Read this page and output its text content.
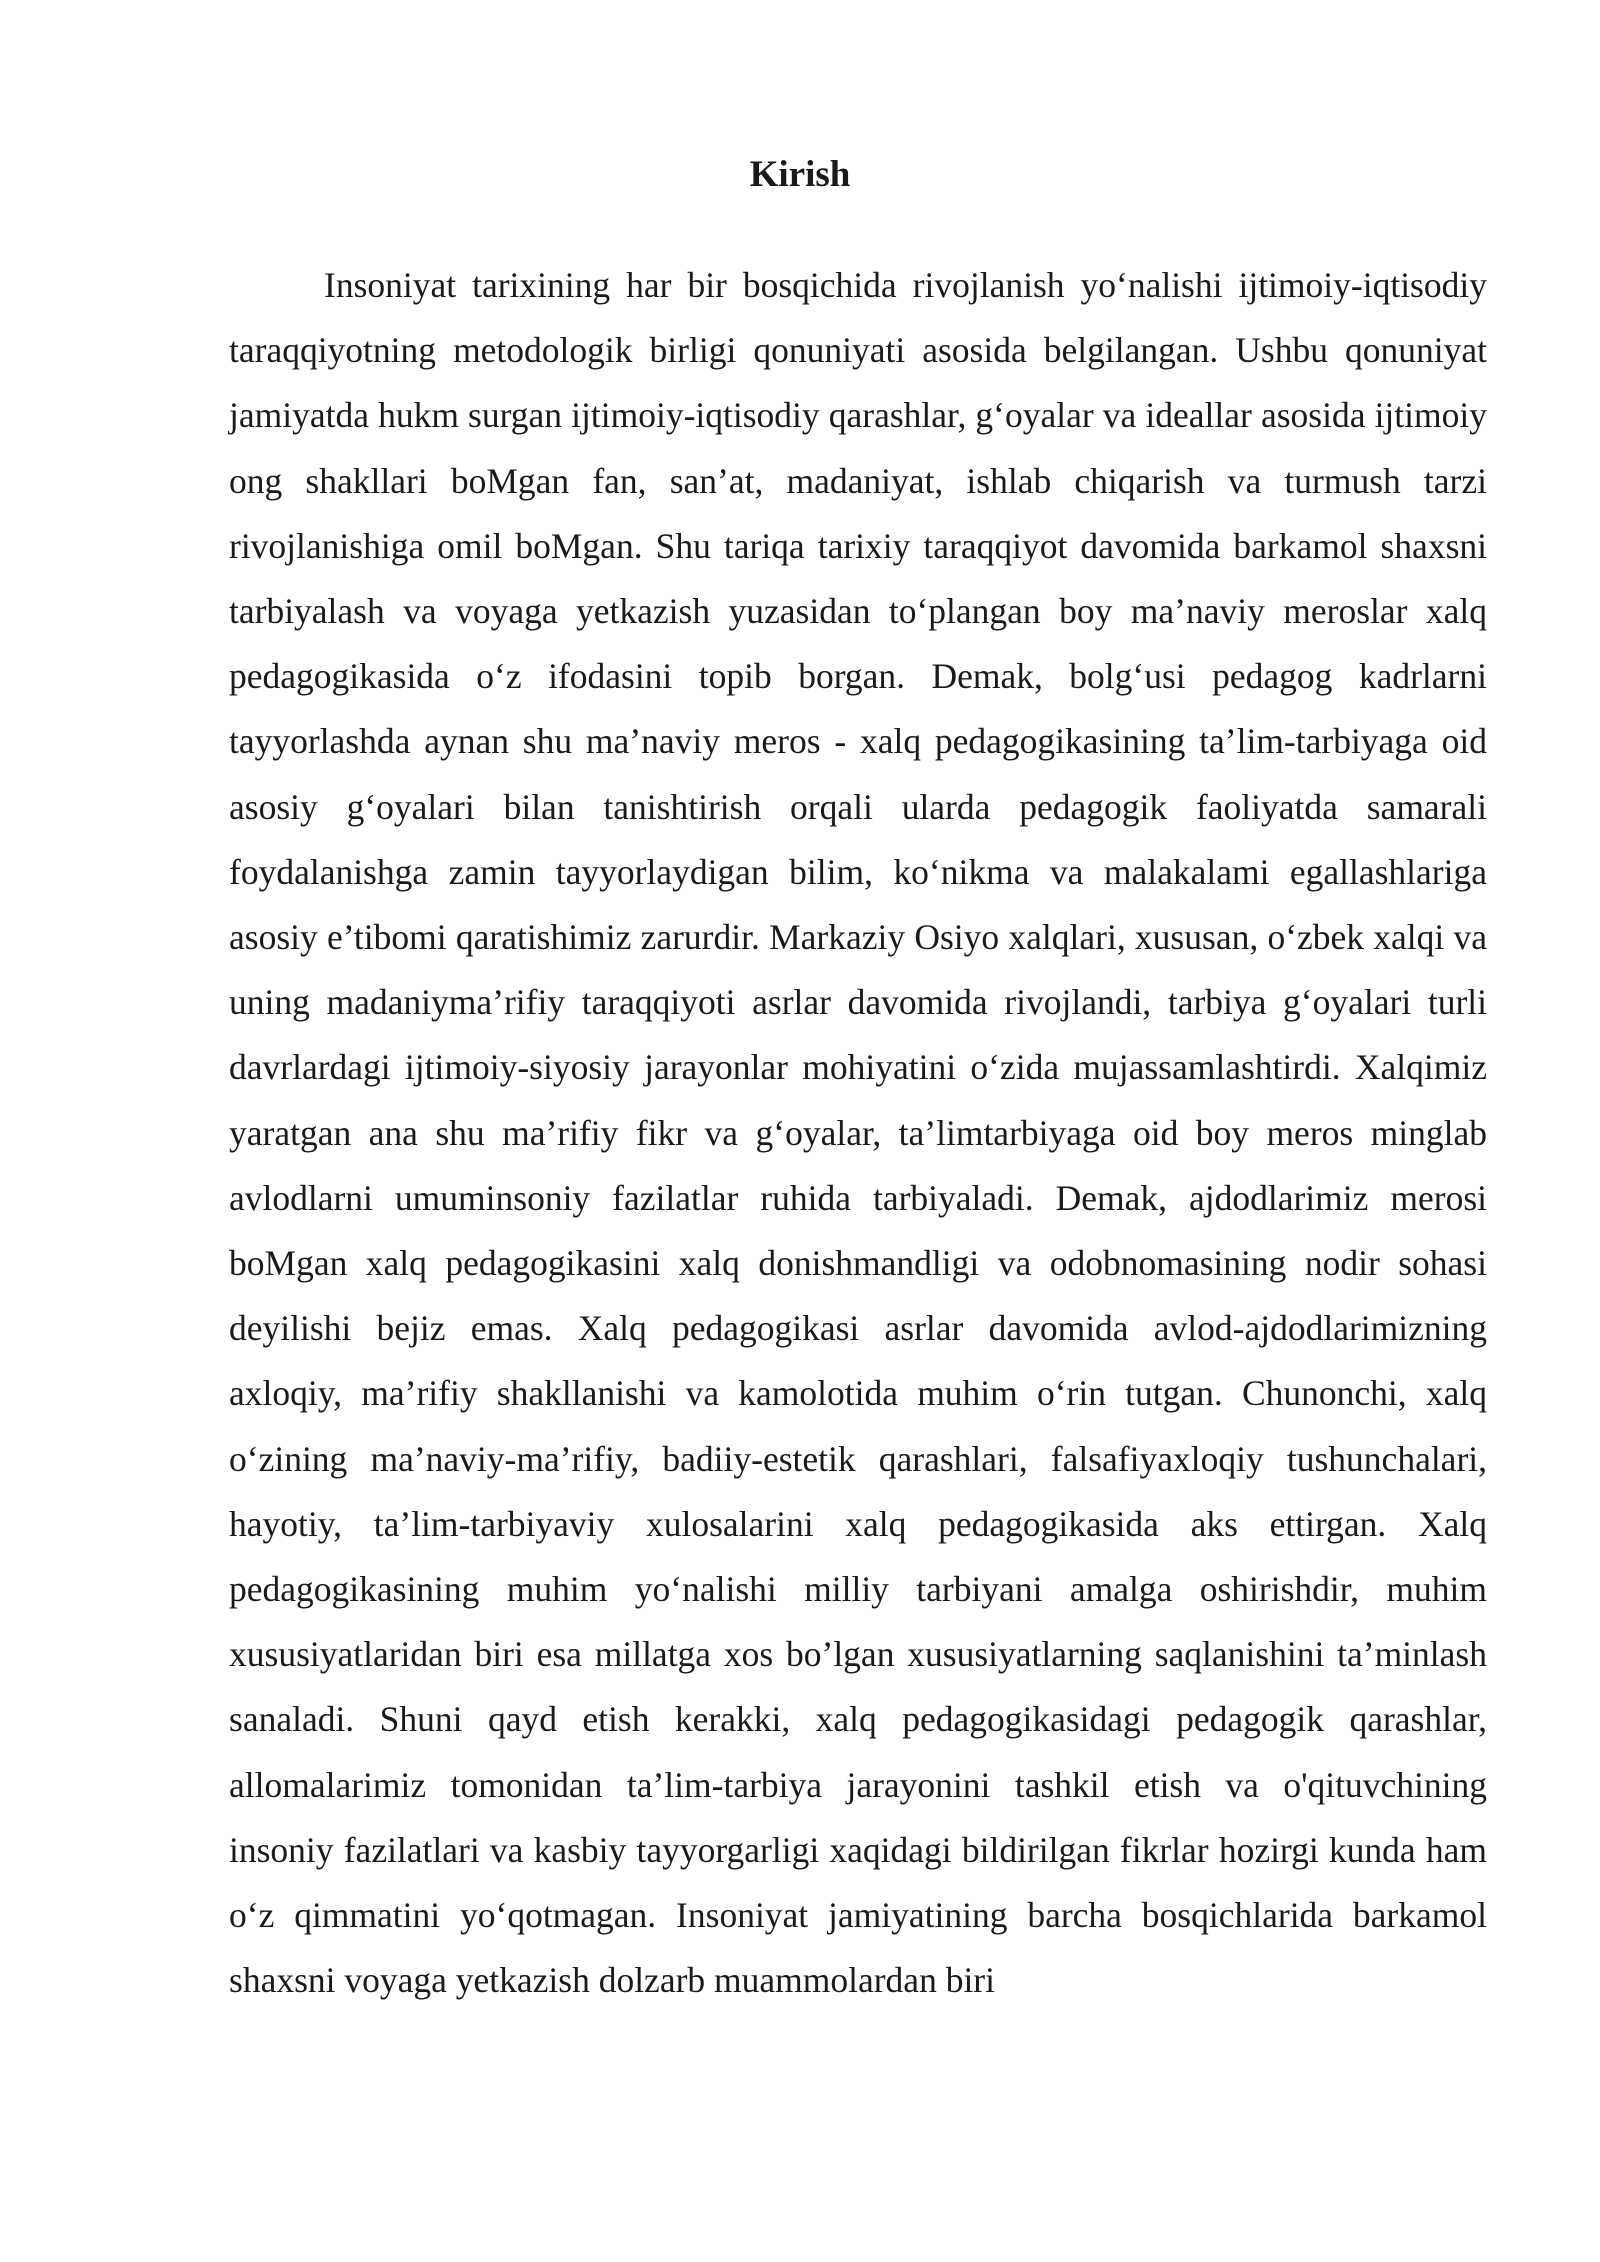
Kirish

Insoniyat tarixining har bir bosqichida rivojlanish yo‘nalishi ijtimoiy-iqtisodiy taraqqiyotning metodologik birligi qonuniyati asosida belgilangan. Ushbu qonuniyat jamiyatda hukm surgan ijtimoiy-iqtisodiy qarashlar, g‘oyalar va ideallar asosida ijtimoiy ong shakllari boMgan fan, san’at, madaniyat, ishlab chiqarish va turmush tarzi rivojlanishiga omil boMgan. Shu tariqa tarixiy taraqqiyot davomida barkamol shaxsni tarbiyalash va voyaga yetkazish yuzasidan to‘plangan boy ma’naviy meroslar xalq pedagogikasida o‘z ifodasini topib borgan. Demak, bolg‘usi pedagog kadrlarni tayyorlashda aynan shu ma’naviy meros - xalq pedagogikasining ta’lim-tarbiyaga oid asosiy g‘oyalari bilan tanishtirish orqali ularda pedagogik faoliyatda samarali foydalanishga zamin tayyorlaydigan bilim, ko‘nikma va malakalami egallashlariga asosiy e’tibomi qaratishimiz zarurdir. Markaziy Osiyo xalqlari, xususan, o‘zbek xalqi va uning madaniyma’rifiy taraqqiyoti asrlar davomida rivojlandi, tarbiya g‘oyalari turli davrlardagi ijtimoiy-siyosiy jarayonlar mohiyatini o‘zida mujassamlashtirdi. Xalqimiz yaratgan ana shu ma’rifiy fikr va g‘oyalar, ta’limtarbiyaga oid boy meros minglab avlodlarni umuminsoniy fazilatlar ruhida tarbiyaladi. Demak, ajdodlarimiz merosi boMgan xalq pedagogikasini xalq donishmandligi va odobnomasining nodir sohasi deyilishi bejiz emas. Xalq pedagogikasi asrlar davomida avlod-ajdodlarimizning axloqiy, ma’rifiy shakllanishi va kamolotida muhim o‘rin tutgan. Chunonchi, xalq o‘zining ma’naviy-ma’rifiy, badiiy-estetik qarashlari, falsafiyaxloqiy tushunchalari, hayotiy, ta’lim-tarbiyaviy xulosalarini xalq pedagogikasida aks ettirgan. Xalq pedagogikasining muhim yo‘nalishi milliy tarbiyani amalga oshirishdir, muhim xususiyatlaridan biri esa millatga xos bo’lgan xususiyatlarning saqlanishini ta’minlash sanaladi. Shuni qayd etish kerakki, xalq pedagogikasidagi pedagogik qarashlar, allomalarimiz tomonidan ta’lim-tarbiya jarayonini tashkil etish va o'qituvchining insoniy fazilatlari va kasbiy tayyorgarligi xaqidagi bildirilgan fikrlar hozirgi kunda ham o‘z qimmatini yo‘qotmagan. Insoniyat jamiyatining barcha bosqichlarida barkamol shaxsni voyaga yetkazish dolzarb muammolardan biri
